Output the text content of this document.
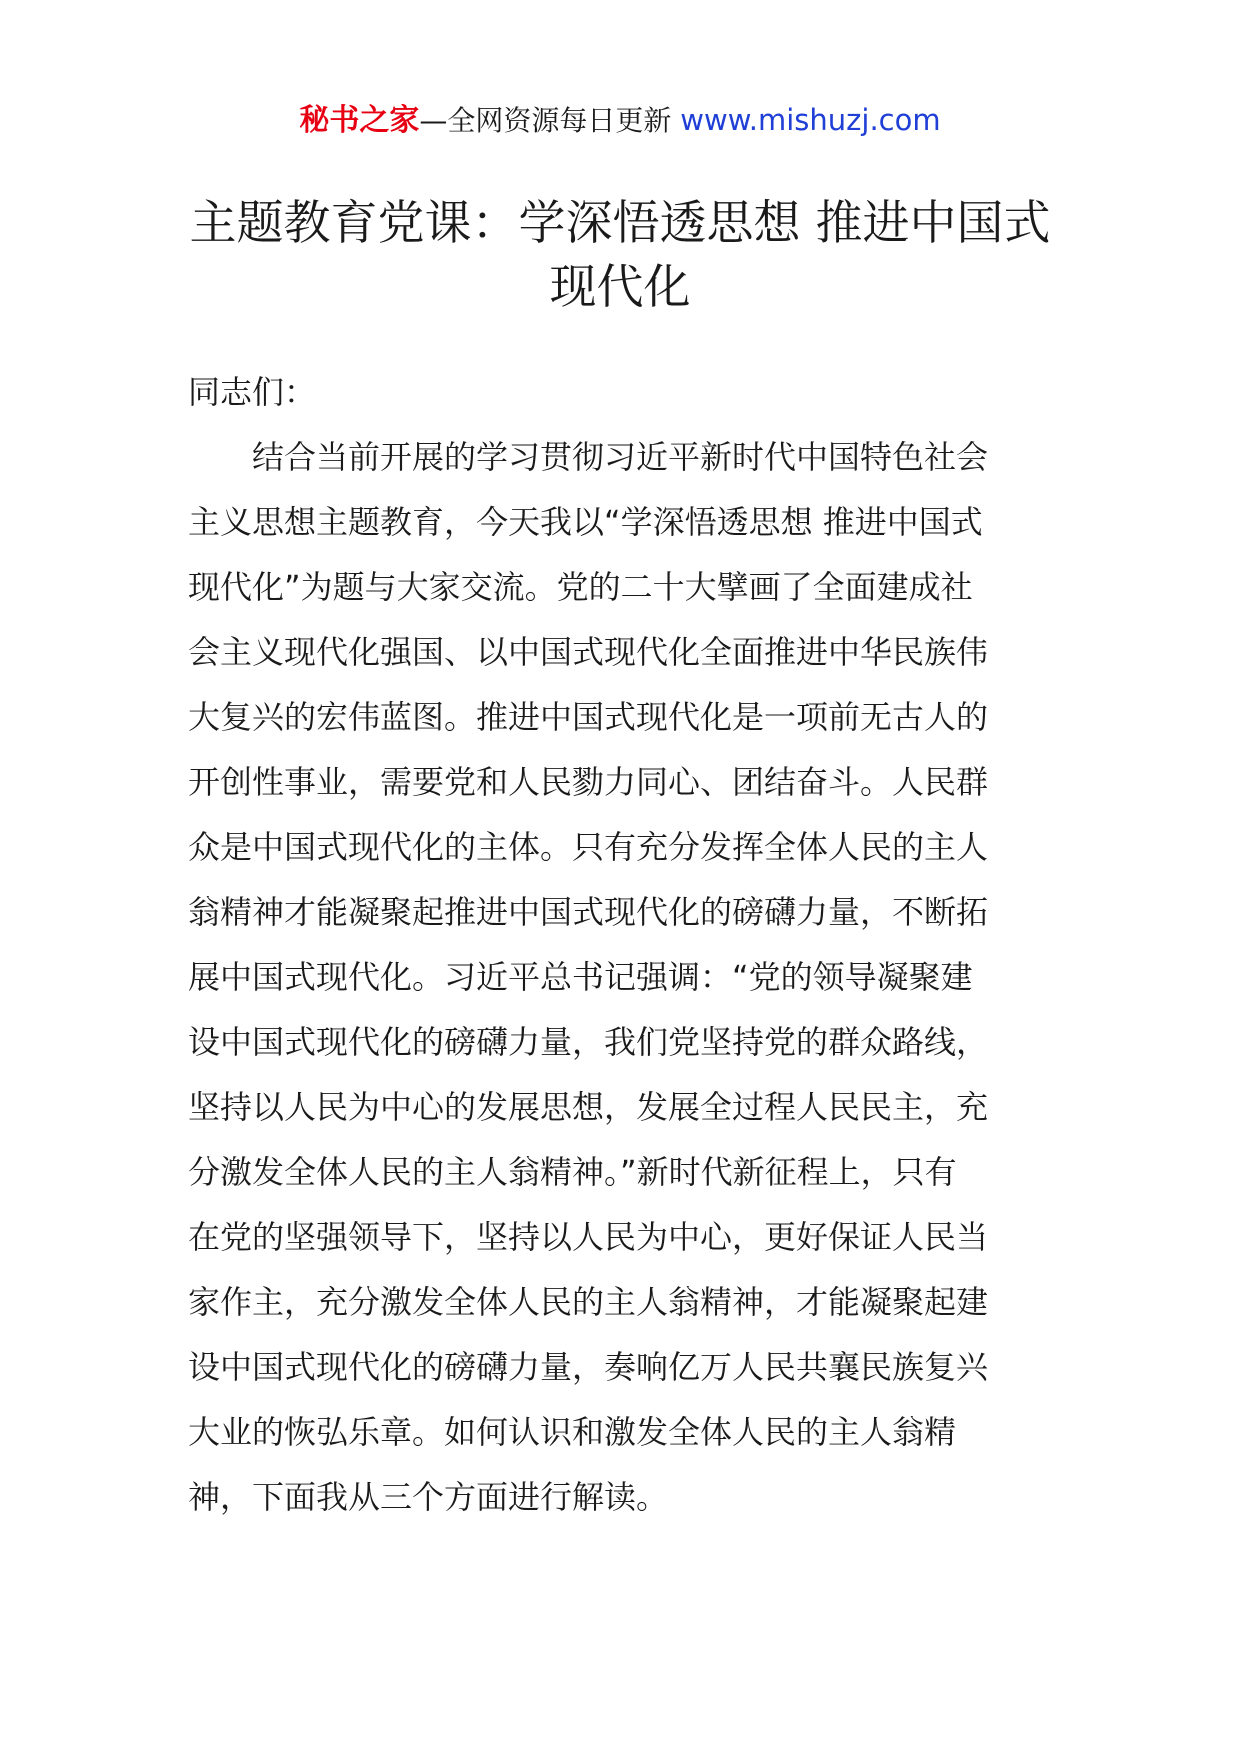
秘书之家—全网资源每日更新 www.mishuzj.com
主题教育党课：学深悟透思想 推进中国式
现代化
同志们：
结合当前开展的学习贯彻习近平新时代中国特色社会
主义思想主题教育，今天我以“学深悟透思想 推进中国式
现代化”为题与大家交流。党的二十大擘画了全面建成社
会主义现代化强国、以中国式现代化全面推进中华民族伟
大复兴的宏伟蓝图。推进中国式现代化是一项前无古人的
开创性事业，需要党和人民勠力同心、团结奋斗。人民群
众是中国式现代化的主体。只有充分发挥全体人民的主人
翁精神才能凝聚起推进中国式现代化的磅礴力量，不断拓
展中国式现代化。习近平总书记强调：“党的领导凝聚建
设中国式现代化的磅礴力量，我们党坚持党的群众路线，
坚持以人民为中心的发展思想，发展全过程人民民主，充
分激发全体人民的主人翁精神。”新时代新征程上，只有
在党的坚强领导下，坚持以人民为中心，更好保证人民当
家作主，充分激发全体人民的主人翁精神，才能凝聚起建
设中国式现代化的磅礴力量，奏响亿万人民共襄民族复兴
大业的恢弘乐章。如何认识和激发全体人民的主人翁精
神，下面我从三个方面进行解读。
